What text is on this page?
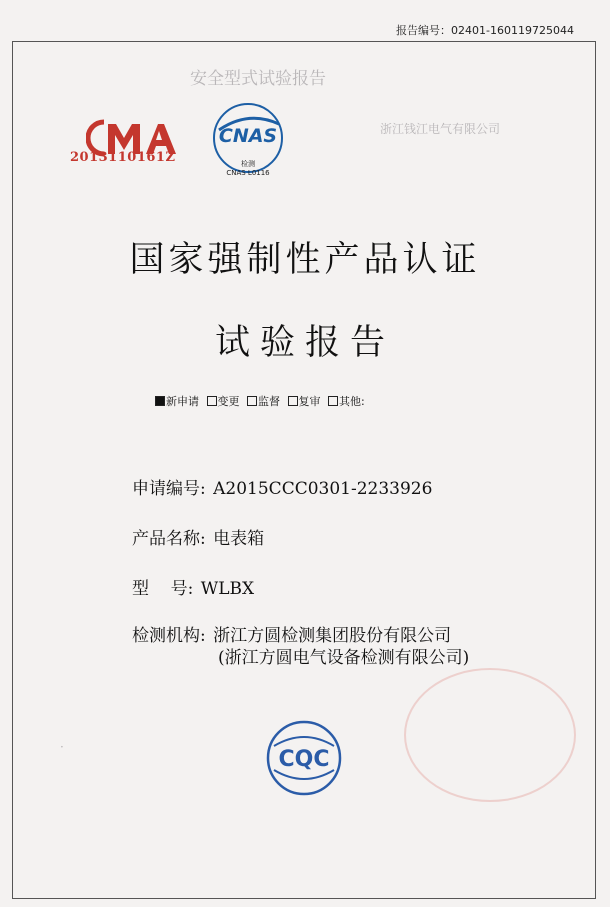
报告编号：02401-160119725044
安全型式试验报告
浙江钱江电气有限公司
·
2013110161Z
CNAS
检测
CNAS L0116
国家强制性产品认证
试验报告
新申请 变更 监督 复审 其他:
申请编号: A2015CCC0301-2233926
产品名称: 电表箱
型    号: WLBX
检测机构: 浙江方圆检测集团股份有限公司
(浙江方圆电气设备检测有限公司)
CQC
